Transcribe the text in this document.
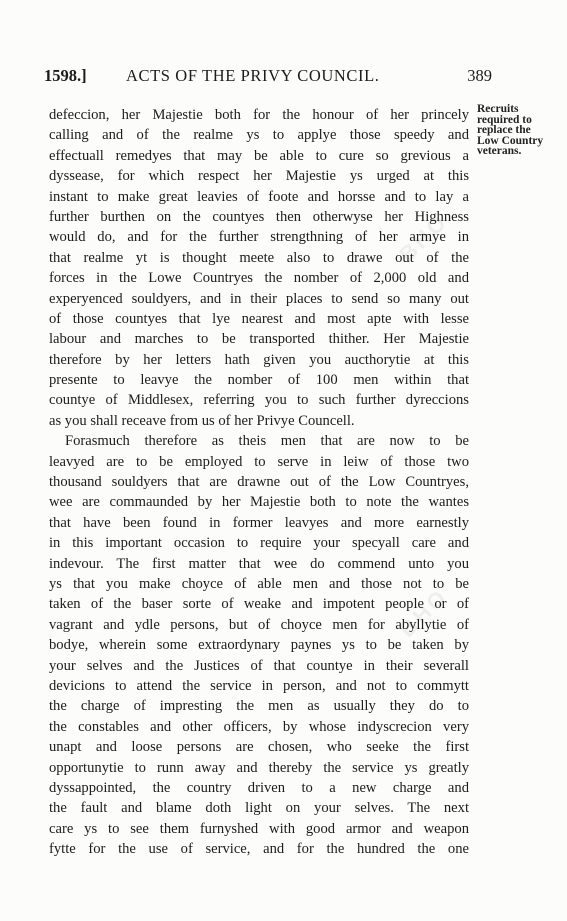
BHO
BHO
1598.] ACTS OF THE PRIVY COUNCIL.	389
Recruits
required to
replace the
Low Country
veterans.
defeccion, her Majestie both for the honour of her princely
calling and of the realme ys to applye those speedy and
effectuall remedyes that may be able to cure so grevious a
dyssease, for which respect her Majestie ys urged at this
instant to make great leavies of foote and horsse and to lay a
further burthen on the countyes then otherwyse her Highness
would do, and for the further strengthning of her armye in
that realme yt is thought meete also to drawe out of the
forces in the Lowe Countryes the nomber of 2,000 old and
experyenced souldyers, and in their places to send so many out
of those countyes that lye nearest and most apte with lesse
labour and marches to be transported thither. Her Majestie
therefore by her letters hath given you aucthorytie at this
presente to leavye the nomber of 100 men within that
countye of Middlesex, referring you to such further dyreccions
as you shall receave from us of her Privye Councell.
Forasmuch therefore as theis men that are now to be
leavyed are to be employed to serve in leiw of those two
thousand souldyers that are drawne out of the Low Countryes,
wee are commaunded by her Majestie both to note the wantes
that have been found in former leavyes and more earnestly
in this important occasion to require your specyall care and
indevour. The first matter that wee do commend unto you
ys that you make choyce of able men and those not to be
taken of the baser sorte of weake and impotent people or of
vagrant and ydle persons, but of choyce men for abyllytie of
bodye, wherein some extraordynary paynes ys to be taken by
your selves and the Justices of that countye in their severall
devicions to attend the service in person, and not to commytt
the charge of impresting the men as usually they do to
the constables and other officers, by whose indyscrecion very
unapt and loose persons are chosen, who seeke the first
opportunytie to runn away and thereby the service ys greatly
dyssappointed, the country driven to a new charge and
the fault and blame doth light on your selves. The next
care ys to see them furnyshed with good armor and weapon
fytte for the use of service, and for the hundred the one
